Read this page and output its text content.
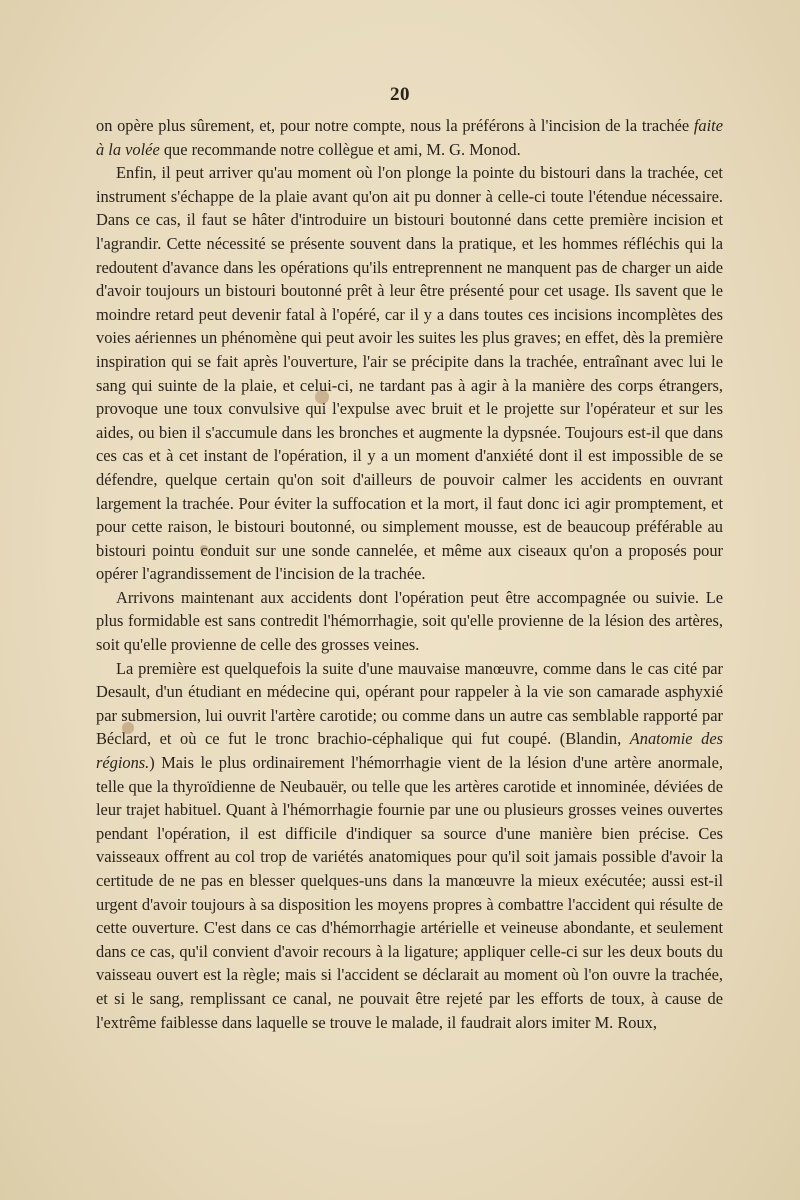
20

on opère plus sûrement, et, pour notre compte, nous la préférons à l'incision de la trachée faite à la volée que recommande notre collègue et ami, M. G. Monod.

Enfin, il peut arriver qu'au moment où l'on plonge la pointe du bistouri dans la trachée, cet instrument s'échappe de la plaie avant qu'on ait pu donner à celle-ci toute l'étendue nécessaire. Dans ce cas, il faut se hâter d'introduire un bistouri boutonné dans cette première incision et l'agrandir. Cette nécessité se présente souvent dans la pratique, et les hommes réfléchis qui la redoutent d'avance dans les opérations qu'ils entreprennent ne manquent pas de charger un aide d'avoir toujours un bistouri boutonné prêt à leur être présenté pour cet usage. Ils savent que le moindre retard peut devenir fatal à l'opéré, car il y a dans toutes ces incisions incomplètes des voies aériennes un phénomène qui peut avoir les suites les plus graves; en effet, dès la première inspiration qui se fait après l'ouverture, l'air se précipite dans la trachée, entraînant avec lui le sang qui suinte de la plaie, et celui-ci, ne tardant pas à agir à la manière des corps étrangers, provoque une toux convulsive qui l'expulse avec bruit et le projette sur l'opérateur et sur les aides, ou bien il s'accumule dans les bronches et augmente la dypsnée. Toujours est-il que dans ces cas et à cet instant de l'opération, il y a un moment d'anxiété dont il est impossible de se défendre, quelque certain qu'on soit d'ailleurs de pouvoir calmer les accidents en ouvrant largement la trachée. Pour éviter la suffocation et la mort, il faut donc ici agir promptement, et pour cette raison, le bistouri boutonné, ou simplement mousse, est de beaucoup préférable au bistouri pointu conduit sur une sonde cannelée, et même aux ciseaux qu'on a proposés pour opérer l'agrandissement de l'incision de la trachée.

Arrivons maintenant aux accidents dont l'opération peut être accompagnée ou suivie. Le plus formidable est sans contredit l'hémorrhagie, soit qu'elle provienne de la lésion des artères, soit qu'elle provienne de celle des grosses veines.

La première est quelquefois la suite d'une mauvaise manœuvre, comme dans le cas cité par Desault, d'un étudiant en médecine qui, opérant pour rappeler à la vie son camarade asphyxié par submersion, lui ouvrit l'artère carotide; ou comme dans un autre cas semblable rapporté par Béclard, et où ce fut le tronc brachio-céphalique qui fut coupé. (Blandin, Anatomie des régions.) Mais le plus ordinairement l'hémorrhagie vient de la lésion d'une artère anormale, telle que la thyroïdienne de Neubauër, ou telle que les artères carotide et innominée, déviées de leur trajet habituel. Quant à l'hémorrhagie fournie par une ou plusieurs grosses veines ouvertes pendant l'opération, il est difficile d'indiquer sa source d'une manière bien précise. Ces vaisseaux offrent au col trop de variétés anatomiques pour qu'il soit jamais possible d'avoir la certitude de ne pas en blesser quelques-uns dans la manœuvre la mieux exécutée; aussi est-il urgent d'avoir toujours à sa disposition les moyens propres à combattre l'accident qui résulte de cette ouverture. C'est dans ce cas d'hémorrhagie artérielle et veineuse abondante, et seulement dans ce cas, qu'il convient d'avoir recours à la ligature; appliquer celle-ci sur les deux bouts du vaisseau ouvert est la règle; mais si l'accident se déclarait au moment où l'on ouvre la trachée, et si le sang, remplissant ce canal, ne pouvait être rejeté par les efforts de toux, à cause de l'extrême faiblesse dans laquelle se trouve le malade, il faudrait alors imiter M. Roux,
